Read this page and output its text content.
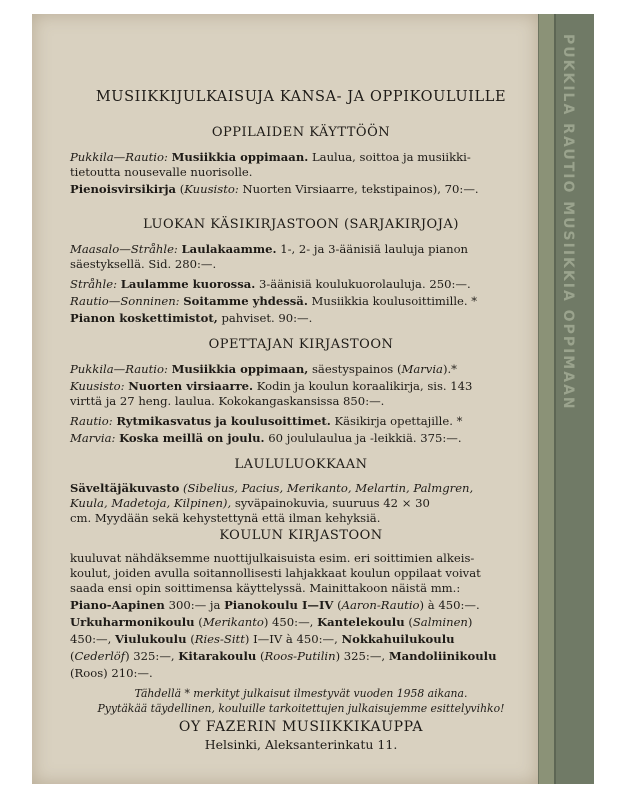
MUSIIKKIJULKAISUJA KANSA- JA OPPIKOULUILLE
OPPILAIDEN KÄYTTÖÖN
Pukkila—Rautio: Musiikkia oppimaan. Laulua, soittoa ja musiikki-
tietoutta nousevalle nuorisolle.
Pienoisvirsikirja (Kuusisto: Nuorten Virsiaarre, tekstipainos), 70:—.
LUOKAN KÄSIKIRJASTOON (SARJAKIRJOJA)
Maasalo—Stråhle: Laulakaamme. 1-, 2- ja 3-äänisiä lauluja pianon
säestyksellä. Sid. 280:—.
Stråhle: Laulamme kuorossa. 3-äänisiä koulukuorolauluja. 250:—.
Rautio—Sonninen: Soitamme yhdessä. Musiikkia koulusoittimille. *
Pianon koskettimistot, pahviset. 90:—.
OPETTAJAN KIRJASTOON
Pukkila—Rautio: Musiikkia oppimaan, säestyspainos (Marvia).*
Kuusisto: Nuorten virsiaarre. Kodin ja koulun koraalikirja, sis. 143
virttä ja 27 heng. laulua. Kokokangaskansissa 850:—.
Rautio: Rytmikasvatus ja koulusoittimet. Käsikirja opettajille. *
Marvia: Koska meillä on joulu. 60 joululaulua ja -leikkiä. 375:—.
LAULULUOKKAAN
Säveltäjäkuvasto (Sibelius, Pacius, Merikanto, Melartin, Palmgren,
Kuula, Madetoja, Kilpinen), syväpainokuvia, suuruus 42 × 30
cm. Myydään sekä kehystettynä että ilman kehyksiä.
KOULUN KIRJASTOON
kuuluvat nähdäksemme nuottijulkaisuista esim. eri soittimien alkeis-
koulut, joiden avulla soitannollisesti lahjakkaat koulun oppilaat voivat
saada ensi opin soittimensa käyttelyssä. Mainittakoon näistä mm.:
Piano-Aapinen 300:— ja Pianokoulu I—IV (Aaron-Rautio) à 450:—.
Urkuharmonikoulu (Merikanto) 450:—, Kantelekoulu (Salminen)
450:—, Viulukoulu (Ries-Sitt) I—IV à 450:—, Nokkahuilukoulu
(Cederlöf) 325:—, Kitarakoulu (Roos-Putilin) 325:—, Mandoliinikoulu
(Roos) 210:—.
Tähdellä * merkityt julkaisut ilmestyvät vuoden 1958 aikana.
Pyytäkää täydellinen, kouluille tarkoitettujen julkaisujemme esittelyvihko!
OY FAZERIN MUSIIKKIKAUPPA
Helsinki, Aleksanterinkatu 11.
PUKKILA RAUTIO MUSIIKKIA OPPIMAAN
